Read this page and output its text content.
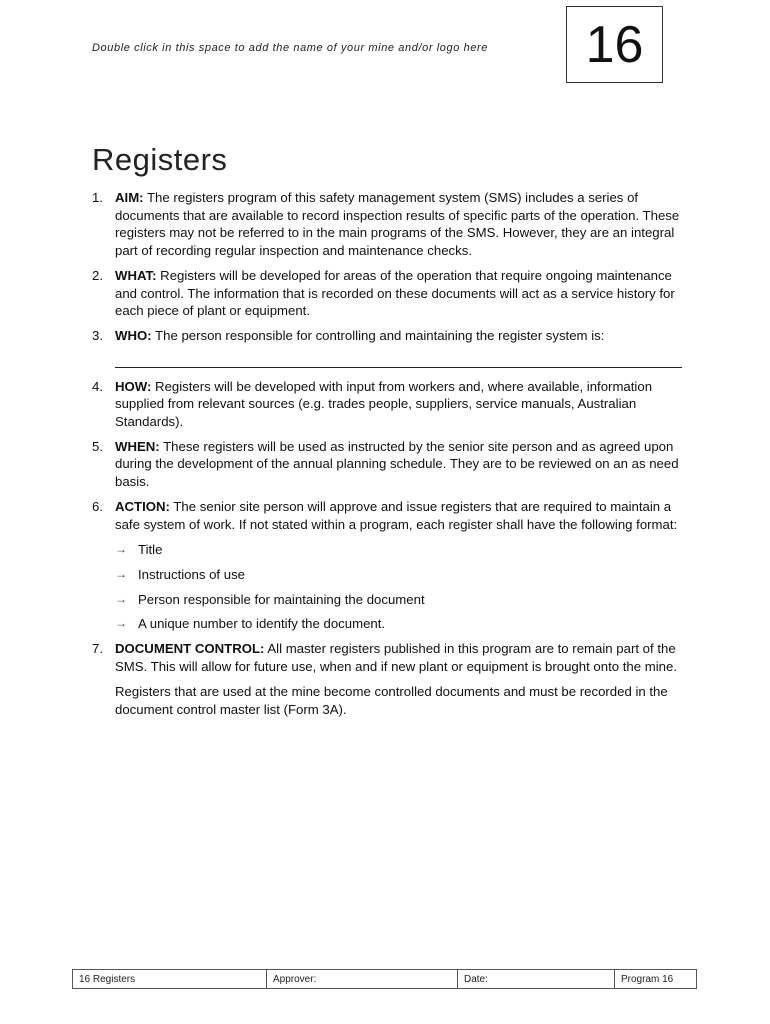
Double click in this space to add the name of your mine and/or logo here 16
Registers
1. AIM: The registers program of this safety management system (SMS) includes a series of documents that are available to record inspection results of specific parts of the operation. These registers may not be referred to in the main programs of the SMS. However, they are an integral part of recording regular inspection and maintenance checks.
2. WHAT: Registers will be developed for areas of the operation that require ongoing maintenance and control. The information that is recorded on these documents will act as a service history for each piece of plant or equipment.
3. WHO: The person responsible for controlling and maintaining the register system is:
4. HOW: Registers will be developed with input from workers and, where available, information supplied from relevant sources (e.g. trades people, suppliers, service manuals, Australian Standards).
5. WHEN: These registers will be used as instructed by the senior site person and as agreed upon during the development of the annual planning schedule. They are to be reviewed on an as need basis.
6. ACTION: The senior site person will approve and issue registers that are required to maintain a safe system of work. If not stated within a program, each register shall have the following format:
→ Title
→ Instructions of use
→ Person responsible for maintaining the document
→ A unique number to identify the document.
7. DOCUMENT CONTROL: All master registers published in this program are to remain part of the SMS. This will allow for future use, when and if new plant or equipment is brought onto the mine.
Registers that are used at the mine become controlled documents and must be recorded in the document control master list (Form 3A).
16 Registers	Approver:	Date:	Program 16
